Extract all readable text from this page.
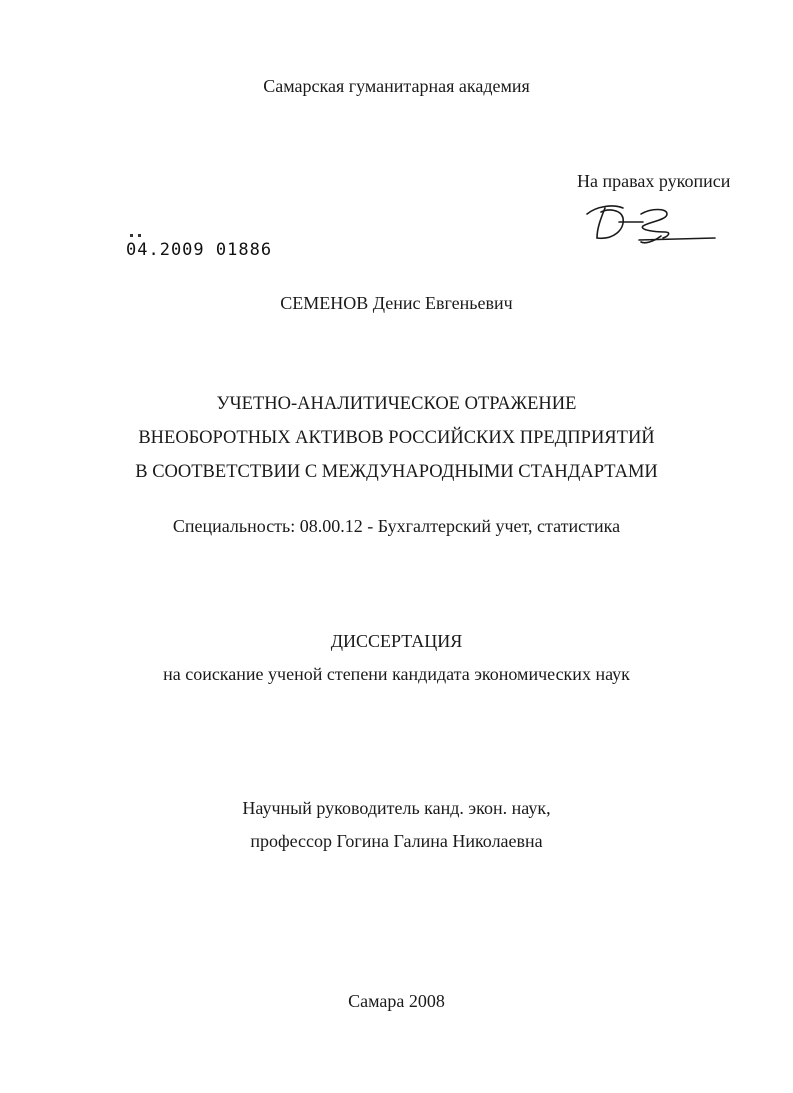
Самарская гуманитарная академия
На правах рукописи
04.2009 01886
СЕМЕНОВ Денис Евгеньевич
УЧЕТНО-АНАЛИТИЧЕСКОЕ ОТРАЖЕНИЕ
ВНЕОБОРОТНЫХ АКТИВОВ РОССИЙСКИХ ПРЕДПРИЯТИЙ
В СООТВЕТСТВИИ С МЕЖДУНАРОДНЫМИ СТАНДАРТАМИ
Специальность: 08.00.12 - Бухгалтерский учет, статистика
ДИССЕРТАЦИЯ
на соискание ученой степени кандидата экономических наук
Научный руководитель канд. экон. наук,
профессор Гогина Галина Николаевна
Самара 2008
